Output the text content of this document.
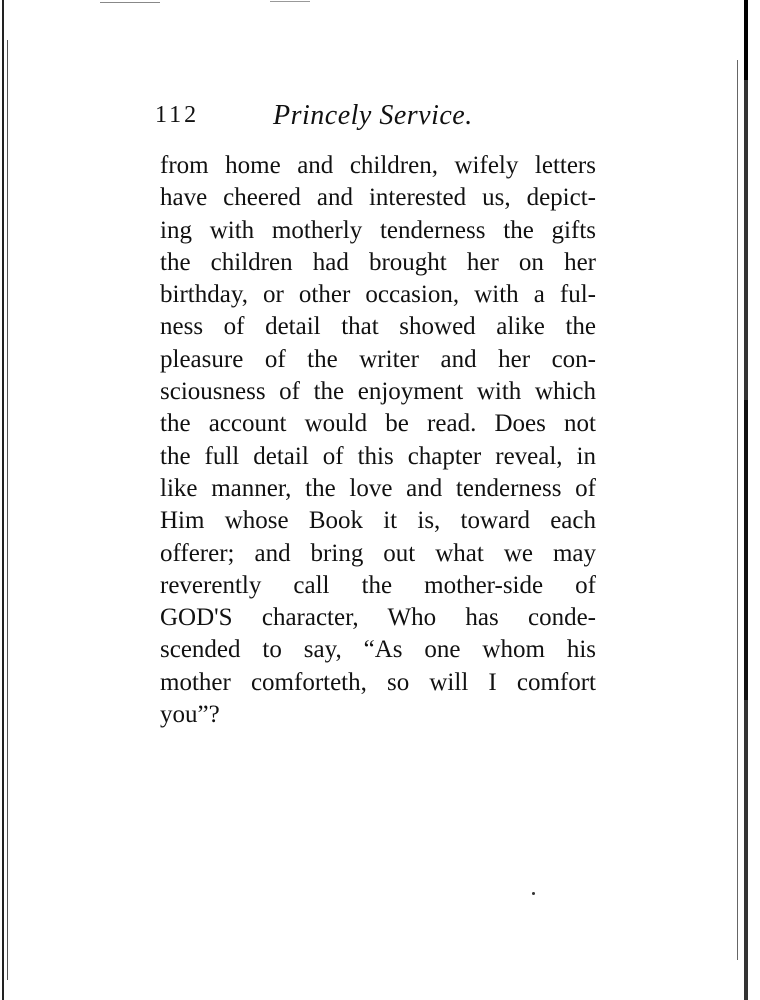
112	Princely Service.
from home and children, wifely letters
have cheered and interested us, depict-
ing with motherly tenderness the gifts
the children had brought her on her
birthday, or other occasion, with a ful-
ness of detail that showed alike the
pleasure of the writer and her con-
sciousness of the enjoyment with which
the account would be read. Does not
the full detail of this chapter reveal, in
like manner, the love and tenderness of
Him whose Book it is, toward each
offerer; and bring out what we may
reverently call the mother-side of
GOD'S character, Who has conde-
scended to say, “As one whom his
mother comforteth, so will I comfort
you”?
